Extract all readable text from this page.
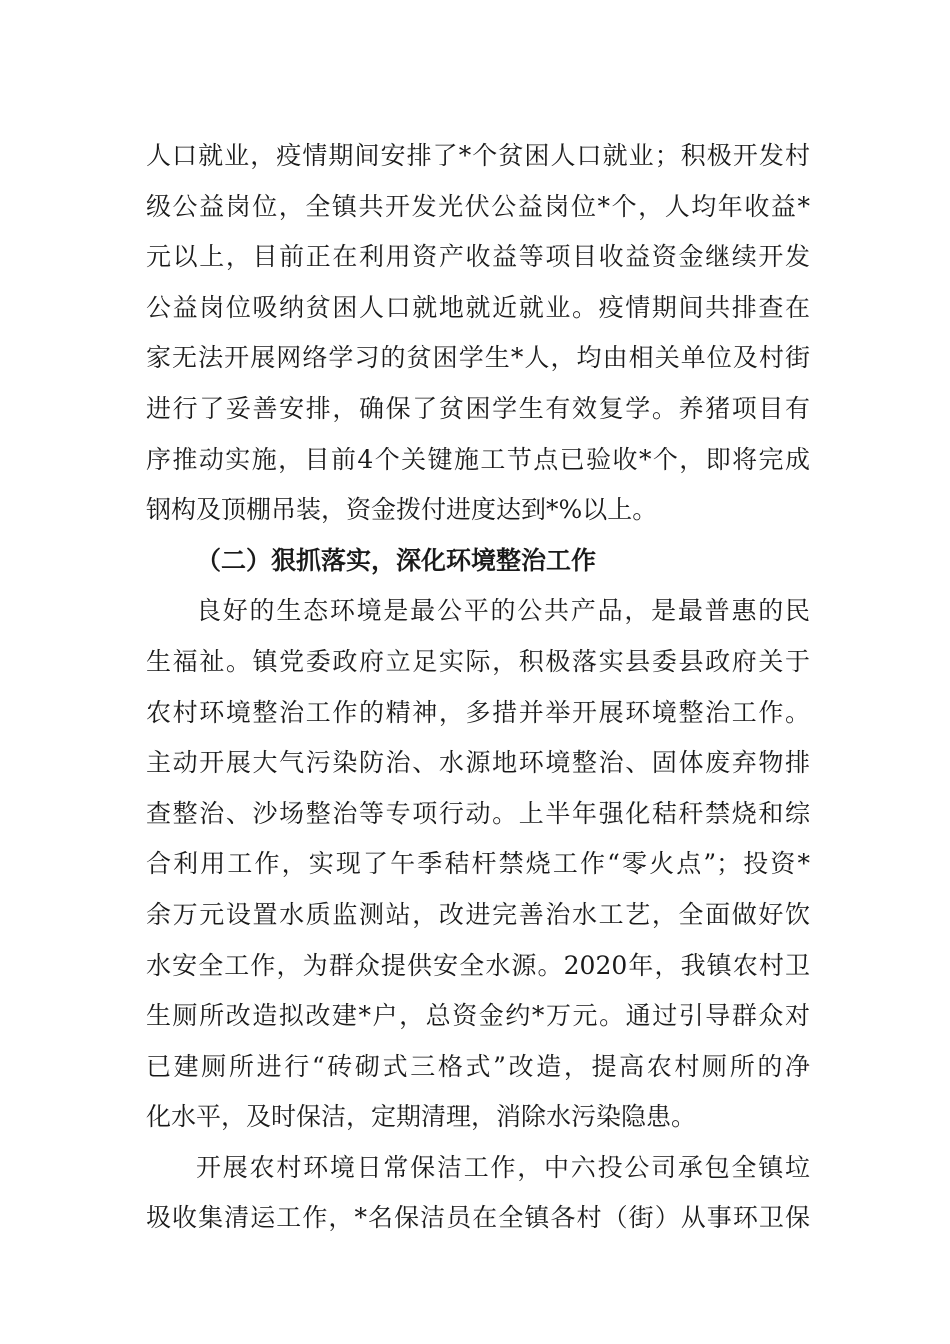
人口就业，疫情期间安排了*个贫困人口就业；积极开发村
级公益岗位，全镇共开发光伏公益岗位*个，人均年收益*
元以上，目前正在利用资产收益等项目收益资金继续开发
公益岗位吸纳贫困人口就地就近就业。疫情期间共排查在
家无法开展网络学习的贫困学生*人，均由相关单位及村街
进行了妥善安排，确保了贫困学生有效复学。养猪项目有
序推动实施，目前4个关键施工节点已验收*个，即将完成
钢构及顶棚吊装，资金拨付进度达到*%以上。
（二）狠抓落实，深化环境整治工作
良好的生态环境是最公平的公共产品，是最普惠的民
生福祉。镇党委政府立足实际，积极落实县委县政府关于
农村环境整治工作的精神，多措并举开展环境整治工作。
主动开展大气污染防治、水源地环境整治、固体废弃物排
查整治、沙场整治等专项行动。上半年强化秸秆禁烧和综
合利用工作，实现了午季秸杆禁烧工作“零火点”；投资*
余万元设置水质监测站，改进完善治水工艺，全面做好饮
水安全工作，为群众提供安全水源。2020年，我镇农村卫
生厕所改造拟改建*户，总资金约*万元。通过引导群众对
已建厕所进行“砖砌式三格式”改造，提高农村厕所的净
化水平，及时保洁，定期清理，消除水污染隐患。
开展农村环境日常保洁工作，中六投公司承包全镇垃
圾收集清运工作，*名保洁员在全镇各村（街）从事环卫保
